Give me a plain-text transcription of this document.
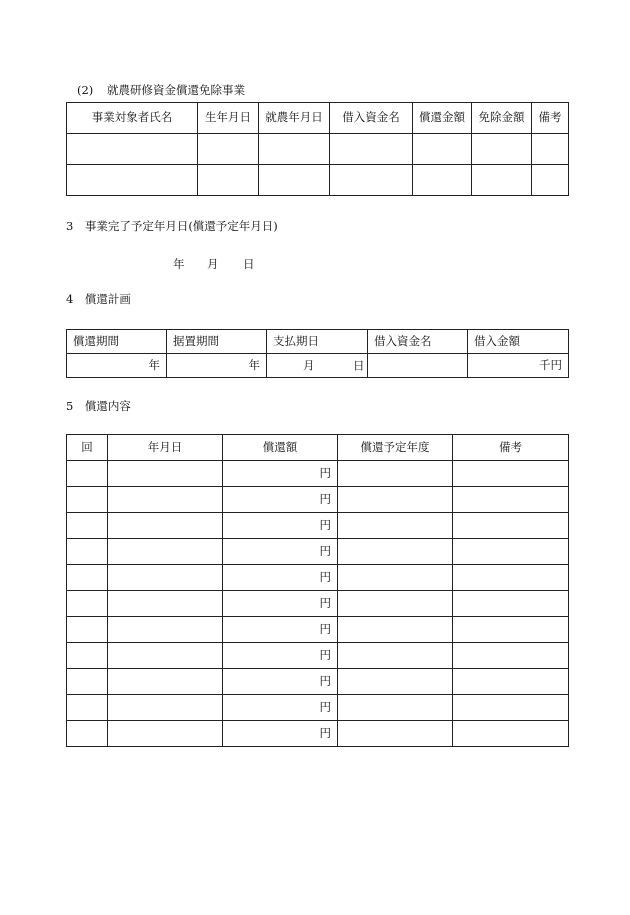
(2) 就農研修資金償還免除事業
事業対象者氏名	生年月日	就農年月日	借入資金名	償還金額	免除金額	備考

3　事業完了予定年月日(償還予定年月日)
年 月 日
4　償還計画
償還期間	据置期間	支払期日	借入資金名	借入金額
年	年	月 日		千円
5　償還内容
回	年月日	償還額	償還予定年度	備考
		円		
		円		
		円		
		円		
		円		
		円		
		円		
		円		
		円		
		円		
		円		
